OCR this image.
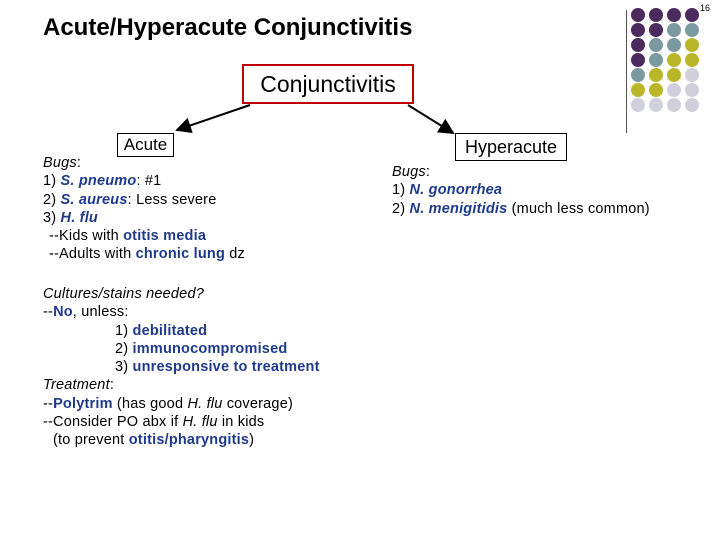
Acute/Hyperacute Conjunctivitis
16
Conjunctivitis
Acute	Hyperacute
Bugs:
1) S. pneumo: #1
2) S. aureus: Less severe
3) H. flu
--Kids with otitis media
--Adults with chronic lung dz
Cultures/stains needed?
--No, unless:
1) debilitated
2) immunocompromised
3) unresponsive to treatment
Treatment:
--Polytrim (has good H. flu coverage)
--Consider PO abx if H. flu in kids
(to prevent otitis/pharyngitis)
Bugs:
1) N. gonorrhea
2) N. menigitidis (much less common)
